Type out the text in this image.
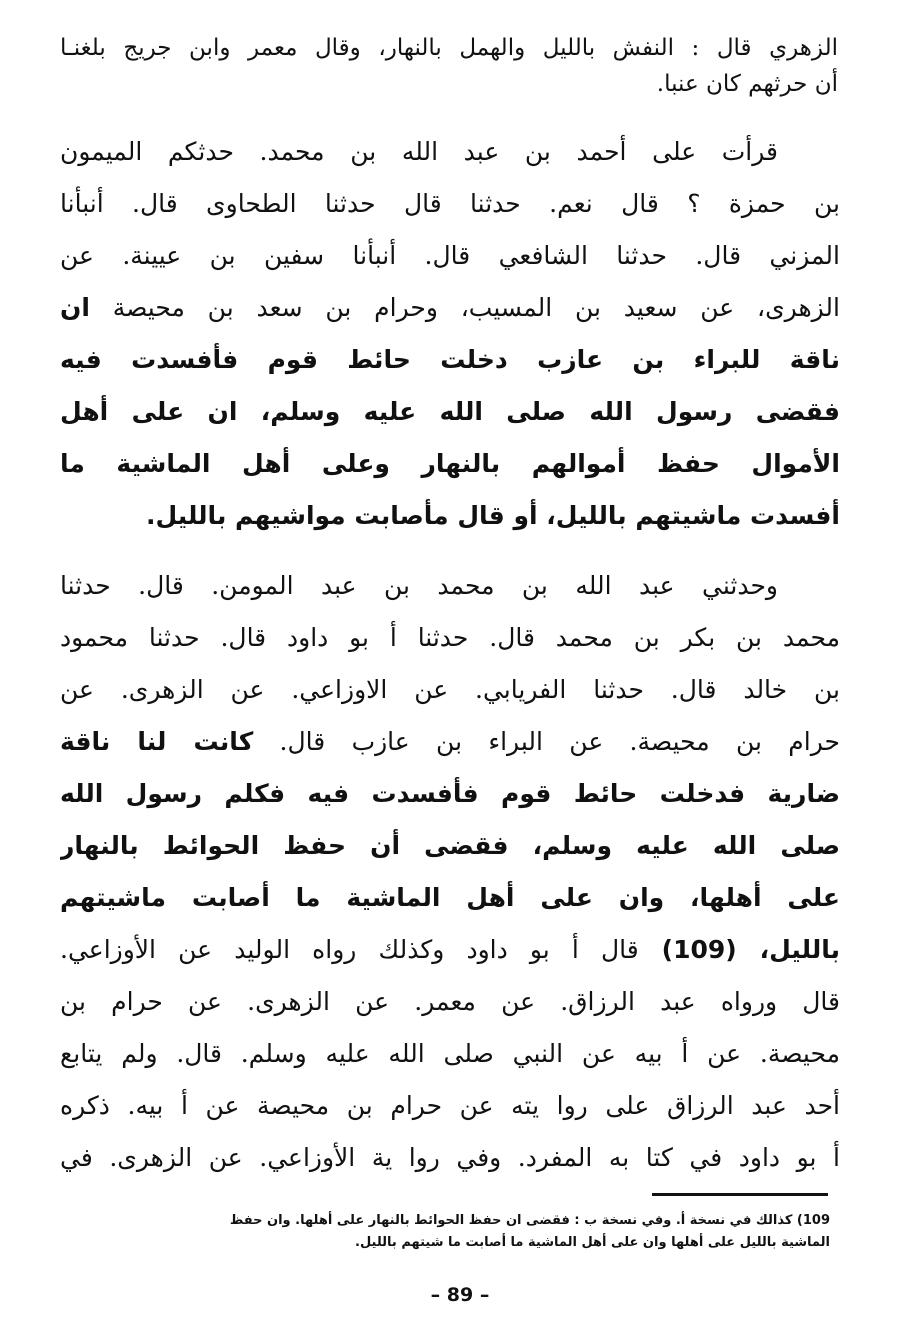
الزهري قال : النفش بالليل والهمل بالنهار، وقال معمر وابن جريج بلغنـا
أن حرثهم كان عنبا.
قرأت على أحمد بن عبد الله بن محمد. حدثكم الميمون
بن حمزة ؟ قال نعم. حدثنا قال حدثنا الطحاوى قال. أنبأنا
المزني قال. حدثنا الشافعي قال. أنبأنا سفين بن عيينة. عن
الزهرى، عن سعيد بن المسيب، وحرام بن سعد بن محيصة ان
ناقة للبراء بن عازب دخلت حائط قوم فأفسدت فيه
فقضى رسول الله صلى الله عليه وسلم، ان على أهل
الأموال حفظ أموالهم بالنهار وعلى أهل الماشية ما
أفسدت ماشيتهم بالليل، أو قال مأصابت مواشيهم بالليل.
وحدثني عبد الله بن محمد بن عبد المومن. قال. حدثنا
محمد بن بكر بن محمد قال. حدثنا أ بو داود قال. حدثنا محمود
بن خالد قال. حدثنا الفريابي. عن الاوزاعي. عن الزهرى. عن
حرام بن محيصة. عن البراء بن عازب قال. كانت لنا ناقة
ضارية فدخلت حائط قوم فأفسدت فيه فكلم رسول الله
صلى الله عليه وسلم، فقضى أن حفظ الحوائط بالنهار
على أهلها، وان على أهل الماشية ما أصابت ماشيتهم
بالليل، (109) قال أ بو داود وكذلك رواه الوليد عن الأوزاعي.
قال ورواه عبد الرزاق. عن معمر. عن الزهرى. عن حرام بن
محيصة. عن أ بيه عن النبي صلى الله عليه وسلم. قال. ولم يتابع
أحد عبد الرزاق على روا يته عن حرام بن محيصة عن أ بيه. ذكره
أ بو داود في كتا به المفرد. وفي روا ية الأوزاعي. عن الزهرى. في
109) كذالك في نسخة أ. وفي نسخة ب : فقضى ان حفظ الحوائط بالنهار على أهلها. وان حفظ
الماشية بالليل على أهلها وان على أهل الماشية ما أصابت ما شيتهم بالليل.
– 89 –
